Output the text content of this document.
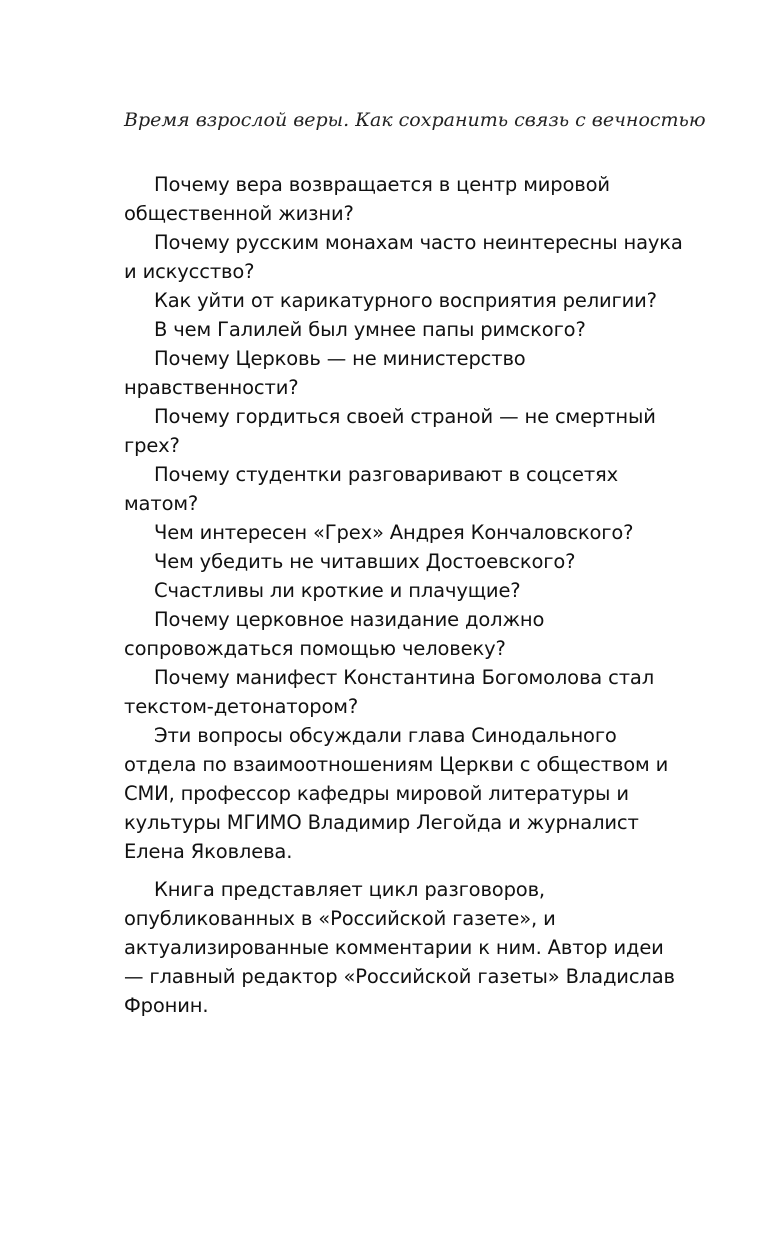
Время взрослой веры. Как сохранить связь с вечностью

Почему вера возвращается в центр мировой общественной жизни?

Почему русским монахам часто неинтересны наука и искусство?

Как уйти от карикатурного восприятия религии?

В чем Галилей был умнее папы римского?

Почему Церковь — не министерство нравственности?

Почему гордиться своей страной — не смертный грех?

Почему студентки разговаривают в соцсетях матом?

Чем интересен «Грех» Андрея Кончаловского?

Чем убедить не читавших Достоевского?

Счастливы ли кроткие и плачущие?

Почему церковное назидание должно сопровождаться помощью человеку?

Почему манифест Константина Богомолова стал текстом-детонатором?

Эти вопросы обсуждали глава Синодального отдела по взаимоотношениям Церкви с обществом и СМИ, профессор кафедры мировой литературы и культуры МГИМО Владимир Легойда и журналист Елена Яковлева.

Книга представляет цикл разговоров, опубликованных в «Российской газете», и актуализированные комментарии к ним. Автор идеи — главный редактор «Российской газеты» Владислав Фронин.
